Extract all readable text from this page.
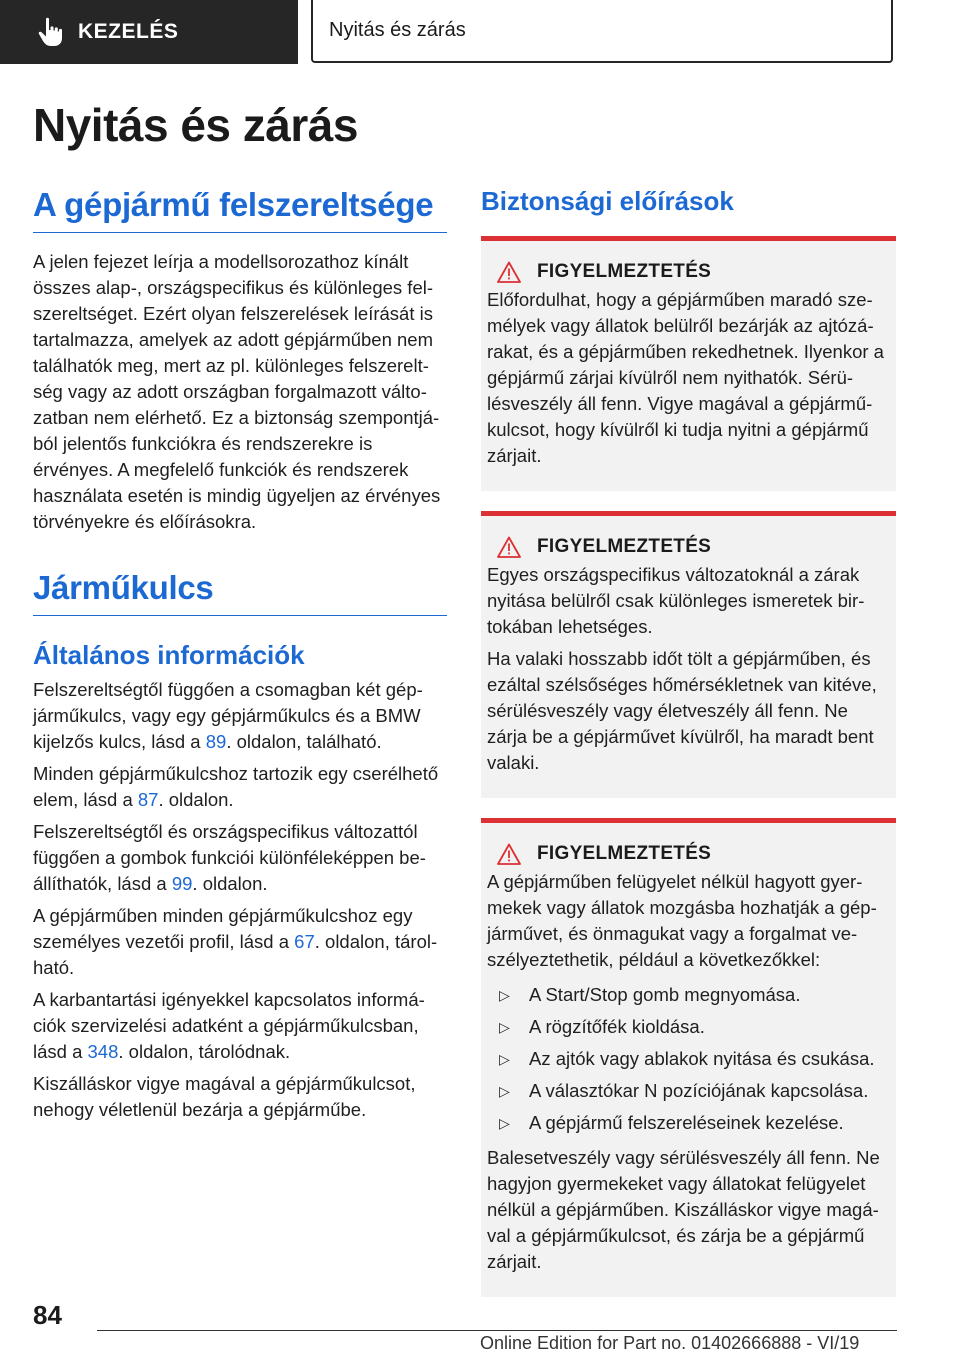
KEZELÉS	Nyitás és zárás
Nyitás és zárás
A gépjármű felszereltsége

A jelen fejezet leírja a modellsorozathoz kínált összes alap-, országspecifikus és különleges felszereltséget. Ezért olyan felszerelések leírását is tartalmazza, amelyek az adott gépjárműben nem találhatók meg, mert az pl. különleges felszereltség vagy az adott országban forgalmazott változatban nem elérhető. Ez a biztonság szempontjából jelentős funkciókra és rendszerekre is érvényes. A megfelelő funkciók és rendszerek használata esetén is mindig ügyeljen az érvényes törvényekre és előírásokra.

Járműkulcs
Általános információk

Felszereltségtől függően a csomagban két gépjárműkulcs, vagy egy gépjárműkulcs és a BMW kijelzős kulcs, lásd a 89. oldalon, található.

Minden gépjárműkulcshoz tartozik egy cserélhető elem, lásd a 87. oldalon.

Felszereltségtől és országspecifikus változattól függően a gombok funkciói különféleképpen beállíthatók, lásd a 99. oldalon.

A gépjárműben minden gépjárműkulcshoz egy személyes vezetői profil, lásd a 67. oldalon, tárolható.

A karbantartási igényekkel kapcsolatos információk szervizelési adatként a gépjárműkulcsban, lásd a 348. oldalon, tárolódnak.

Kiszálláskor vigye magával a gépjárműkulcsot, nehogy véletlenül bezárja a gépjárműbe.

Biztonsági előírások
FIGYELMEZTETÉS

Előfordulhat, hogy a gépjárműben maradó személyek vagy állatok belülről bezárják az ajtózárakat, és a gépjárműben rekedhetnek. Ilyenkor a gépjármű zárjai kívülről nem nyithatók. Sérülésveszély áll fenn. Vigye magával a gépjárműkulcsot, hogy kívülről ki tudja nyitni a gépjármű zárjait.

FIGYELMEZTETÉS

Egyes országspecifikus változatoknál a zárak nyitása belülről csak különleges ismeretek birtokában lehetséges.

Ha valaki hosszabb időt tölt a gépjárműben, és ezáltal szélsőséges hőmérsékletnek van kitéve, sérülésveszély vagy életveszély áll fenn. Ne zárja be a gépjárművet kívülről, ha maradt bent valaki.

FIGYELMEZTETÉS

A gépjárműben felügyelet nélkül hagyott gyermekek vagy állatok mozgásba hozhatják a gépjárművet, és önmagukat vagy a forgalmat veszélyeztethetik, például a következőkkel:

▷	A Start/Stop gomb megnyomása.
▷	A rögzítőfék kioldása.
▷	Az ajtók vagy ablakok nyitása és csukása.
▷	A választókar N pozíciójának kapcsolása.
▷	A gépjármű felszereléseinek kezelése.

Balesetveszély vagy sérülésveszély áll fenn. Ne hagyjon gyermekeket vagy állatokat felügyelet nélkül a gépjárműben. Kiszálláskor vigye magával a gépjárműkulcsot, és zárja be a gépjármű zárjait.

84
Online Edition for Part no. 01402666888 - VI/19
